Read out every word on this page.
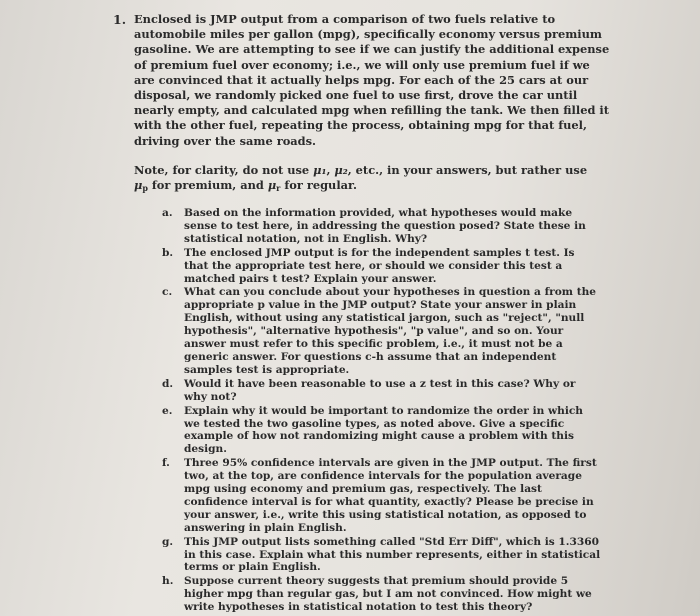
1. Enclosed is JMP output from a comparison of two fuels relative to automobile miles per gallon (mpg), specifically economy versus premium gasoline. We are attempting to see if we can justify the additional expense of premium fuel over economy; i.e., we will only use premium fuel if we are convinced that it actually helps mpg. For each of the 25 cars at our disposal, we randomly picked one fuel to use first, drove the car until nearly empty, and calculated mpg when refilling the tank. We then filled it with the other fuel, repeating the process, obtaining mpg for that fuel, driving over the same roads.

Note, for clarity, do not use μ₁, μ₂, etc., in your answers, but rather use $\mu_p$ for premium, and $\mu_r$ for regular.

a. Based on the information provided, what hypotheses would make sense to test here, in addressing the question posed? State these in statistical notation, not in English. Why?
b. The enclosed JMP output is for the independent samples t test. Is that the appropriate test here, or should we consider this test a matched pairs t test? Explain your answer.
c. What can you conclude about your hypotheses in question a from the appropriate p value in the JMP output? State your answer in plain English, without using any statistical jargon, such as "reject", "null hypothesis", "alternative hypothesis", "p value", and so on. Your answer must refer to this specific problem, i.e., it must not be a generic answer. For questions c-h assume that an independent samples test is appropriate.
d. Would it have been reasonable to use a z test in this case? Why or why not?
e. Explain why it would be important to randomize the order in which we tested the two gasoline types, as noted above. Give a specific example of how not randomizing might cause a problem with this design.
f. Three 95% confidence intervals are given in the JMP output. The first two, at the top, are confidence intervals for the population average mpg using economy and premium gas, respectively. The last confidence interval is for what quantity, exactly? Please be precise in your answer, i.e., write this using statistical notation, as opposed to answering in plain English.
g. This JMP output lists something called "Std Err Diff", which is 1.3360 in this case. Explain what this number represents, either in statistical terms or plain English.
h. Suppose current theory suggests that premium should provide 5 higher mpg than regular gas, but I am not convinced. How might we write hypotheses in statistical notation to test this theory?
